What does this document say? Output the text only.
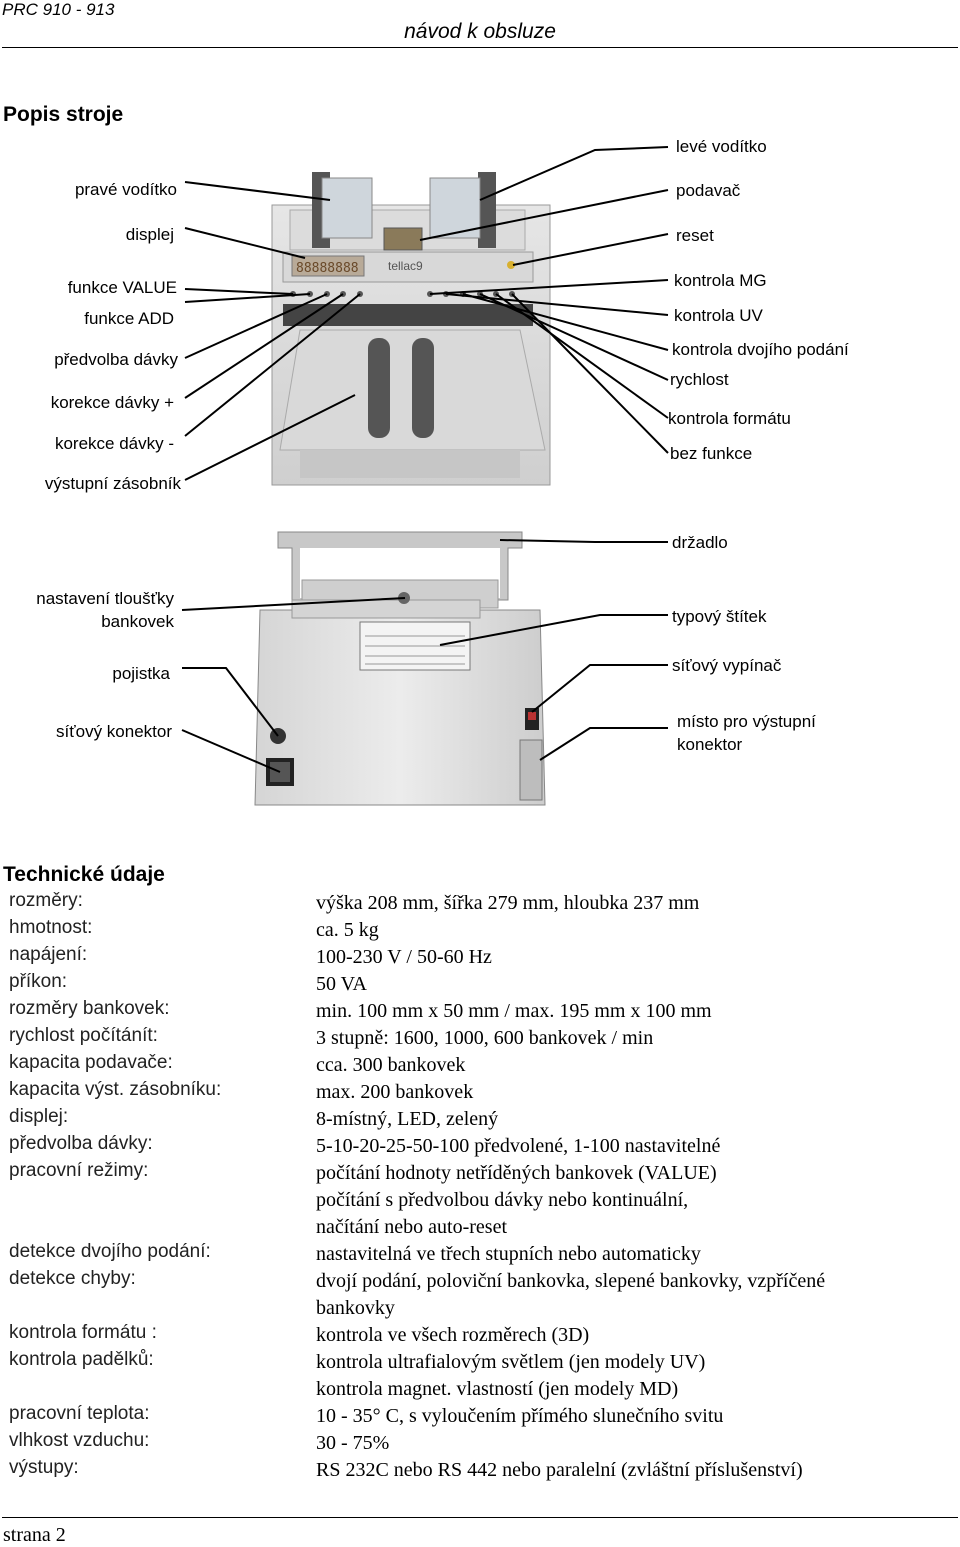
PRC 910 - 913
návod k obsluze
Popis stroje
88888888 tellac9
pravé vodítko
displej
funkce VALUE
funkce ADD
předvolba dávky
korekce dávky +
korekce dávky -
výstupní zásobník
levé vodítko
podavač
reset
kontrola MG
kontrola UV
kontrola dvojího podání
rychlost
kontrola formátu
bez funkce
nastavení tloušťky bankovek
pojistka
síťový konektor
držadlo
typový štítek
síťový vypínač
místo pro výstupní konektor
Technické údaje
rozměry:	výška 208 mm, šířka 279 mm, hloubka 237 mm
hmotnost:	ca. 5 kg
napájení:	100-230 V / 50-60 Hz
příkon:	50 VA
rozměry bankovek:	min. 100 mm x 50 mm / max. 195 mm x 100 mm
rychlost počítánít:	3 stupně: 1600, 1000, 600 bankovek / min
kapacita podavače:	cca. 300 bankovek
kapacita výst. zásobníku:	max. 200 bankovek
displej:	8-místný, LED, zelený
předvolba dávky:	5-10-20-25-50-100 předvolené, 1-100 nastavitelné
pracovní režimy:	počítání hodnoty netříděných bankovek (VALUE)
počítání s předvolbou dávky nebo kontinuální,
načítání nebo auto-reset
detekce dvojího podání:	nastavitelná ve třech stupních nebo automaticky
detekce chyby:	dvojí podání, poloviční bankovka, slepené bankovky, vzpříčené
bankovky
kontrola formátu :	kontrola ve všech rozměrech (3D)
kontrola padělků:	kontrola ultrafialovým světlem (jen modely UV)
kontrola magnet. vlastností (jen modely MD)
pracovní teplota:	10 - 35° C, s vyloučením přímého slunečního svitu
vlhkost vzduchu:	30 - 75%
výstupy:	RS 232C nebo RS 442 nebo paralelní (zvláštní příslušenství)
strana 2
